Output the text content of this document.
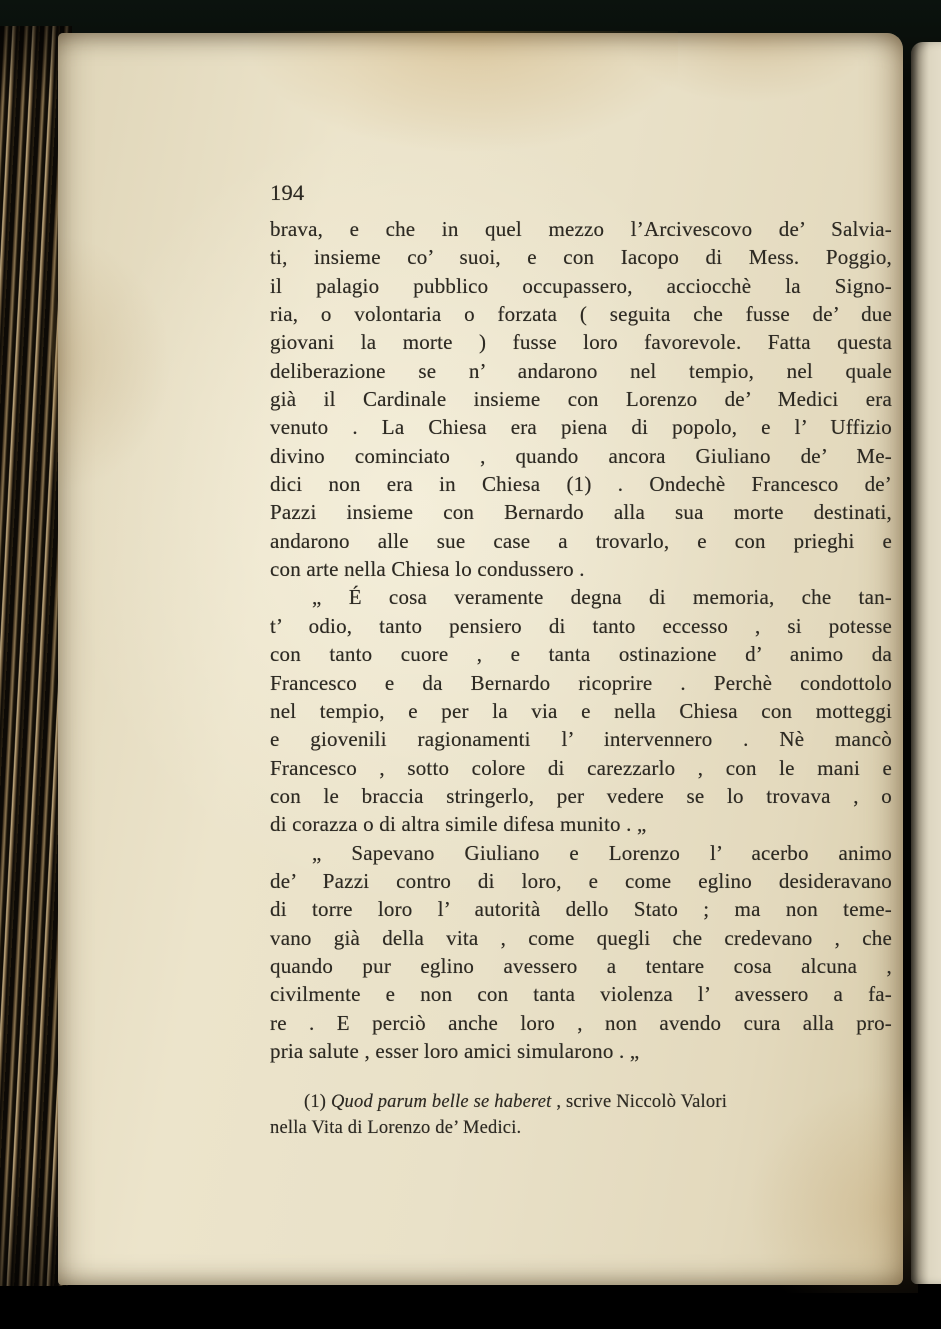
194
brava, e che in quel mezzo l’Arcivescovo de’ Salvia-
ti, insieme co’ suoi, e con Iacopo di Mess. Poggio,
il palagio pubblico occupassero, acciocchè la Signo-
ria, o volontaria o forzata ( seguita che fusse de’ due
giovani la morte ) fusse loro favorevole. Fatta questa
deliberazione se n’ andarono nel tempio, nel quale
già il Cardinale insieme con Lorenzo de’ Medici era
venuto . La Chiesa era piena di popolo, e l’ Uffizio
divino cominciato , quando ancora Giuliano de’ Me-
dici non era in Chiesa (1) . Ondechè Francesco de’
Pazzi insieme con Bernardo alla sua morte destinati,
andarono alle sue case a trovarlo, e con prieghi e
con arte nella Chiesa lo condussero .
„ É cosa veramente degna di memoria, che tan-
t’ odio, tanto pensiero di tanto eccesso , si potesse
con tanto cuore , e tanta ostinazione d’ animo da
Francesco e da Bernardo ricoprire . Perchè condottolo
nel tempio, e per la via e nella Chiesa con motteggi
e giovenili ragionamenti l’ intervennero . Nè mancò
Francesco , sotto colore di carezzarlo , con le mani e
con le braccia stringerlo, per vedere se lo trovava , o
di corazza o di altra simile difesa munito . „
„ Sapevano Giuliano e Lorenzo l’ acerbo animo
de’ Pazzi contro di loro, e come eglino desideravano
di torre loro l’ autorità dello Stato ; ma non teme-
vano già della vita , come quegli che credevano , che
quando pur eglino avessero a tentare cosa alcuna ,
civilmente e non con tanta violenza l’ avessero a fa-
re . E perciò anche loro , non avendo cura alla pro-
pria salute , esser loro amici simularono . „
(1) Quod parum belle se haberet , scrive Niccolò Valori
nella Vita di Lorenzo de’ Medici.
